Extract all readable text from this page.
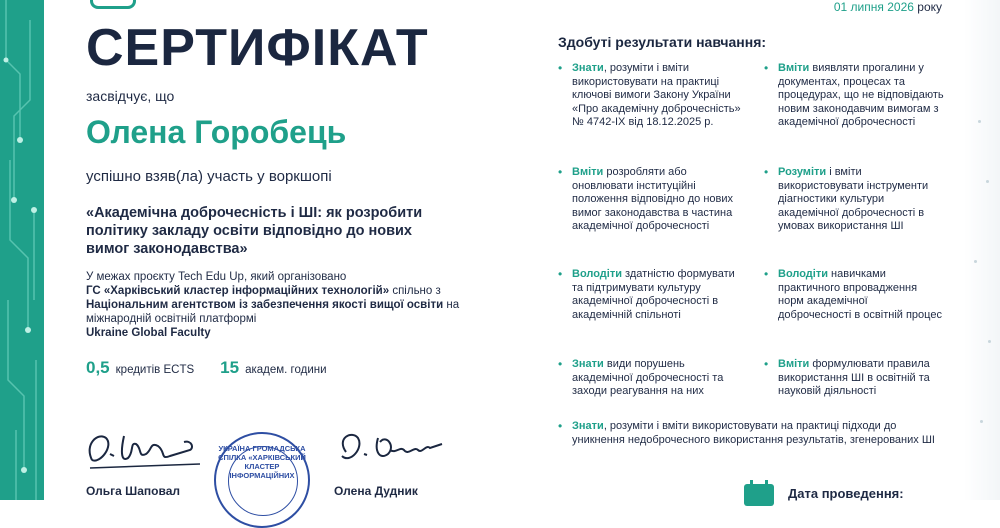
01 липня 2026 року
СЕРТИФІКАТ
засвідчує, що
Олена Горобець
успішно взяв(ла) участь у воркшопі
«Академічна доброчесність і ШІ: як розробити політику закладу освіти відповідно до нових вимог законодавства»
У межах проєкту Tech Edu Up, який організовано
ГС «Харківський кластер інформаційних технологій» спільно з Національним агентством із забезпечення якості вищої освіти на міжнародній освітній платформі
Ukraine Global Faculty
0,5 кредитів ECTS 15 академ. години
Ольга Шаповал
УКРАЇНА ГРОМАДСЬКА СПІЛКА «ХАРКІВСЬКИЙ КЛАСТЕР ІНФОРМАЦІЙНИХ
Олена Дудник
Здобуті результати навчання:
• Знати, розуміти і вміти використовувати на практиці ключові вимоги Закону України «Про академічну доброчесність» № 4742-ІХ від 18.12.2025 р.
• Вміти виявляти прогалини у документах, процесах та процедурах, що не відповідають новим законодавчим вимогам з академічної доброчесності
• Вміти розробляти або оновлювати інституційні положення відповідно до нових вимог законодавства в частина академічної доброчесності
• Розуміти і вміти використовувати інструменти діагностики культури академічної доброчесності в умовах використання ШІ
• Володіти здатністю формувати та підтримувати культуру академічної доброчесності в академічній спільноті
• Володіти навичками практичного впровадження норм академічної доброчесності в освітній процес
• Знати види порушень академічної доброчесності та заходи реагування на них
• Вміти формулювати правила використання ШІ в освітній та науковій діяльності
• Знати, розуміти і вміти використовувати на практиці підходи до уникнення недоброчесного використання результатів, згенерованих ШІ
Дата проведення:
